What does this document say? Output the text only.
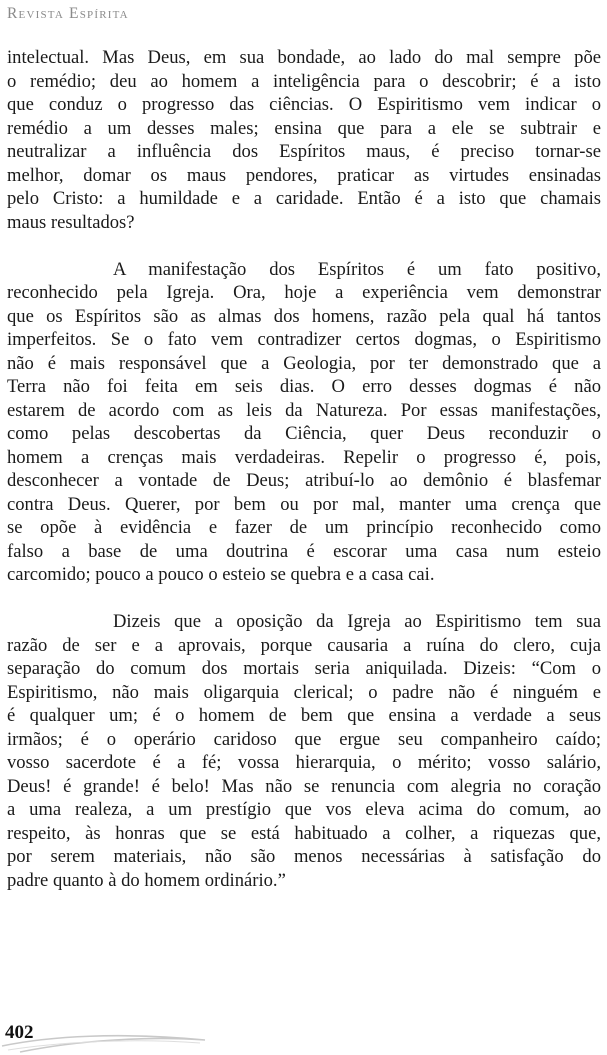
Revista Espírita
intelectual. Mas Deus, em sua bondade, ao lado do mal sempre põe
o remédio; deu ao homem a inteligência para o descobrir; é a isto
que conduz o progresso das ciências. O Espiritismo vem indicar o
remédio a um desses males; ensina que para a ele se subtrair e
neutralizar a influência dos Espíritos maus, é preciso tornar-se
melhor, domar os maus pendores, praticar as virtudes ensinadas
pelo Cristo: a humildade e a caridade. Então é a isto que chamais
maus resultados?
A manifestação dos Espíritos é um fato positivo,
reconhecido pela Igreja. Ora, hoje a experiência vem demonstrar
que os Espíritos são as almas dos homens, razão pela qual há tantos
imperfeitos. Se o fato vem contradizer certos dogmas, o Espiritismo
não é mais responsável que a Geologia, por ter demonstrado que a
Terra não foi feita em seis dias. O erro desses dogmas é não
estarem de acordo com as leis da Natureza. Por essas manifestações,
como pelas descobertas da Ciência, quer Deus reconduzir o
homem a crenças mais verdadeiras. Repelir o progresso é, pois,
desconhecer a vontade de Deus; atribuí-lo ao demônio é blasfemar
contra Deus. Querer, por bem ou por mal, manter uma crença que
se opõe à evidência e fazer de um princípio reconhecido como
falso a base de uma doutrina é escorar uma casa num esteio
carcomido; pouco a pouco o esteio se quebra e a casa cai.
Dizeis que a oposição da Igreja ao Espiritismo tem sua
razão de ser e a aprovais, porque causaria a ruína do clero, cuja
separação do comum dos mortais seria aniquilada. Dizeis: “Com o
Espiritismo, não mais oligarquia clerical; o padre não é ninguém e
é qualquer um; é o homem de bem que ensina a verdade a seus
irmãos; é o operário caridoso que ergue seu companheiro caído;
vosso sacerdote é a fé; vossa hierarquia, o mérito; vosso salário,
Deus! é grande! é belo! Mas não se renuncia com alegria no coração
a uma realeza, a um prestígio que vos eleva acima do comum, ao
respeito, às honras que se está habituado a colher, a riquezas que,
por serem materiais, não são menos necessárias à satisfação do
padre quanto à do homem ordinário.”
402
